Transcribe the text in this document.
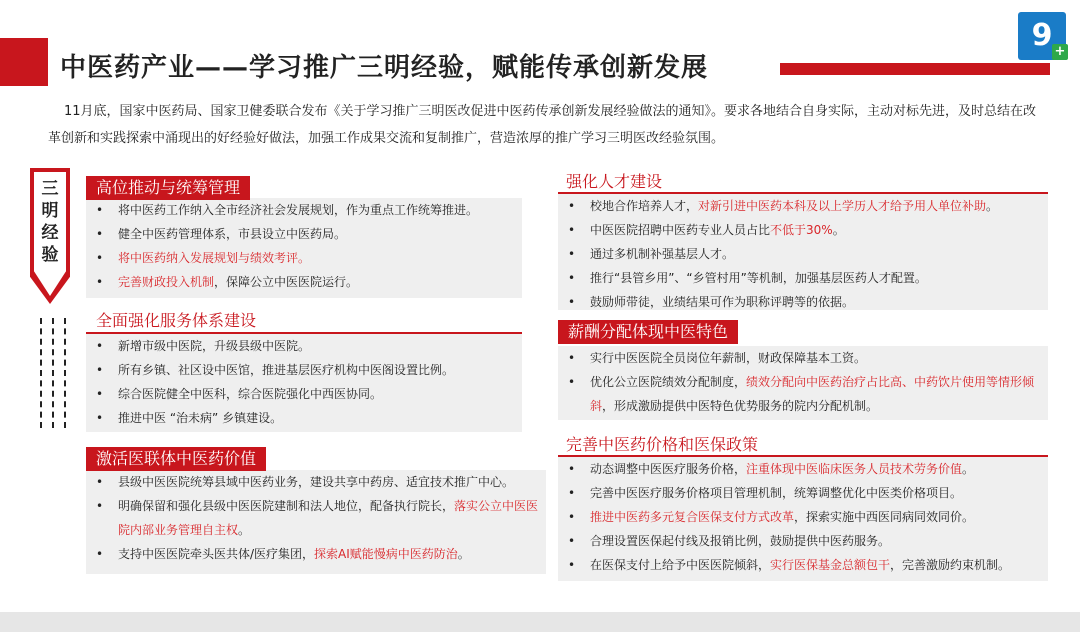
中医药产业——学习推广三明经验，赋能传承创新发展
9 +
11月底，国家中医药局、国家卫健委联合发布《关于学习推广三明医改促进中医药传承创新发展经验做法的通知》。要求各地结合自身实际，主动对标先进，及时总结在改革创新和实践探索中涌现出的好经验好做法，加强工作成果交流和复制推广，营造浓厚的推广学习三明医改经验氛围。
三
明
经
验
• 将中医药工作纳入全市经济社会发展规划，作为重点工作统筹推进。
• 健全中医药管理体系，市县设立中医药局。
• 将中医药纳入发展规划与绩效考评。
• 完善财政投入机制，保障公立中医医院运行。
高位推动与统筹管理
• 新增市级中医院，升级县级中医院。
• 所有乡镇、社区设中医馆，推进基层医疗机构中医阁设置比例。
• 综合医院健全中医科，综合医院强化中西医协同。
• 推进中医 “治未病” 乡镇建设。
全面强化服务体系建设
• 县级中医医院统筹县域中医药业务，建设共享中药房、适宜技术推广中心。
• 明确保留和强化县级中医医院建制和法人地位，配备执行院长，落实公立中医医院内部业务管理自主权。
• 支持中医医院牵头医共体/医疗集团，探索AI赋能慢病中医药防治。
激活医联体中医药价值
• 校地合作培养人才，对新引进中医药本科及以上学历人才给予用人单位补助。
• 中医医院招聘中医药专业人员占比不低于30%。
• 通过多机制补强基层人才。
• 推行“县管乡用”、“乡管村用”等机制，加强基层医药人才配置。
• 鼓励师带徒，业绩结果可作为职称评聘等的依据。
强化人才建设
• 实行中医医院全员岗位年薪制，财政保障基本工资。
• 优化公立医院绩效分配制度，绩效分配向中医药治疗占比高、中药饮片使用等情形倾斜，形成激励提供中医特色优势服务的院内分配机制。
薪酬分配体现中医特色
• 动态调整中医医疗服务价格，注重体现中医临床医务人员技术劳务价值。
• 完善中医医疗服务价格项目管理机制，统筹调整优化中医类价格项目。
• 推进中医药多元复合医保支付方式改革，探索实施中西医同病同效同价。
• 合理设置医保起付线及报销比例，鼓励提供中医药服务。
• 在医保支付上给予中医医院倾斜，实行医保基金总额包干，完善激励约束机制。
完善中医药价格和医保政策
